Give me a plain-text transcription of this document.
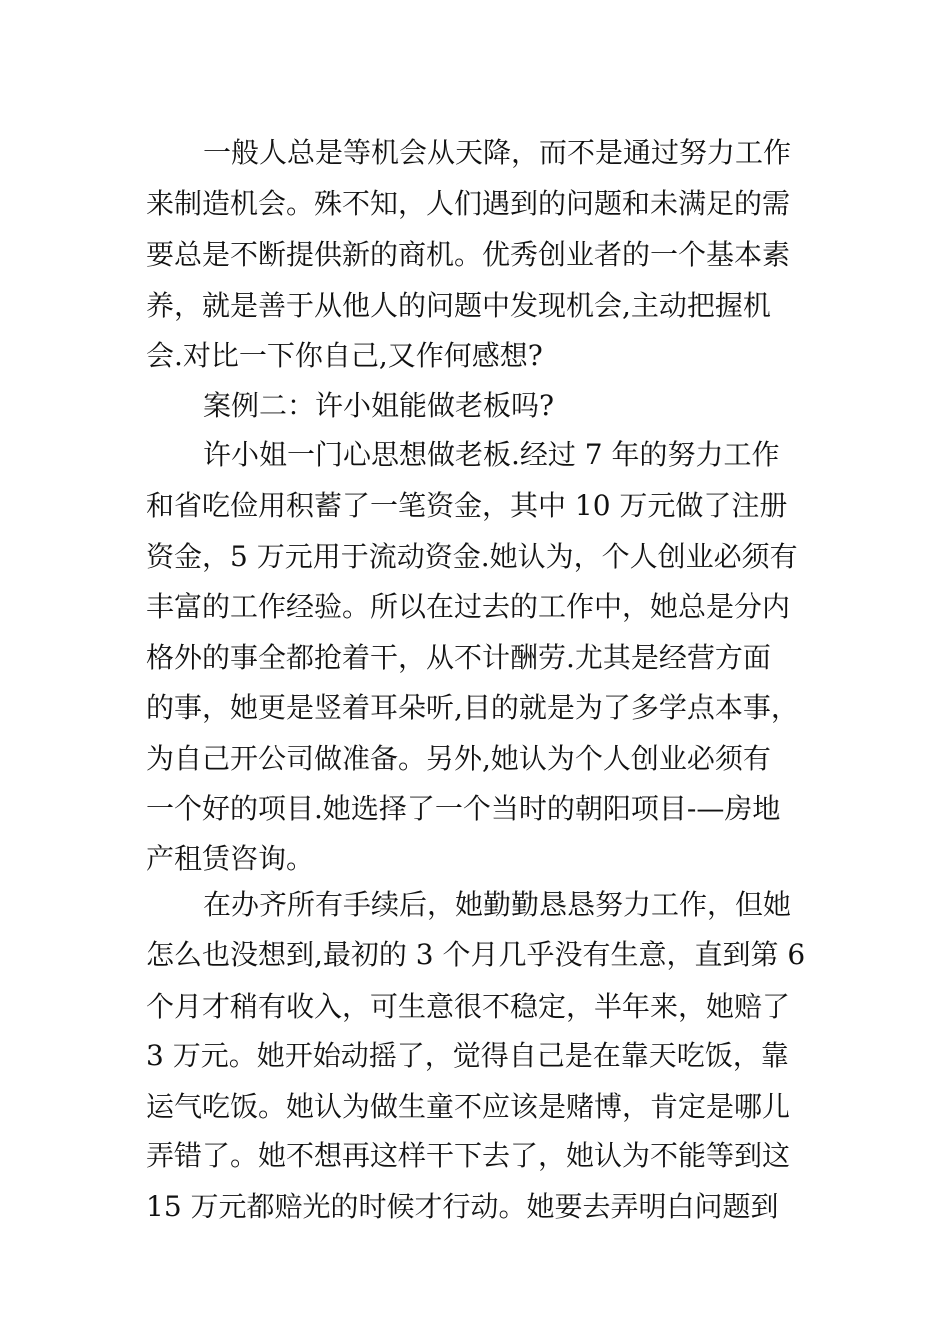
一般人总是等机会从天降，而不是通过努力工作

来制造机会。殊不知，人们遇到的问题和未满足的需

要总是不断提供新的商机。优秀创业者的一个基本素

养，就是善于从他人的问题中发现机会,主动把握机

会.对比一下你自己,又作何感想?

案例二：许小姐能做老板吗?

许小姐一门心思想做老板.经过 7 年的努力工作

和省吃俭用积蓄了一笔资金，其中 10 万元做了注册

资金，5 万元用于流动资金.她认为，个人创业必须有

丰富的工作经验。所以在过去的工作中，她总是分内

格外的事全都抢着干，从不计酬劳.尤其是经营方面

的事，她更是竖着耳朵听,目的就是为了多学点本事，

为自己开公司做准备。另外,她认为个人创业必须有

一个好的项目.她选择了一个当时的朝阳项目-—房地

产租赁咨询。

在办齐所有手续后，她勤勤恳恳努力工作，但她

怎么也没想到,最初的 3 个月几乎没有生意，直到第 6

个月才稍有收入，可生意很不稳定，半年来，她赔了

3 万元。她开始动摇了，觉得自己是在靠天吃饭，靠

运气吃饭。她认为做生童不应该是赌博，肯定是哪儿

弄错了。她不想再这样干下去了，她认为不能等到这

15 万元都赔光的时候才行动。她要去弄明白问题到
